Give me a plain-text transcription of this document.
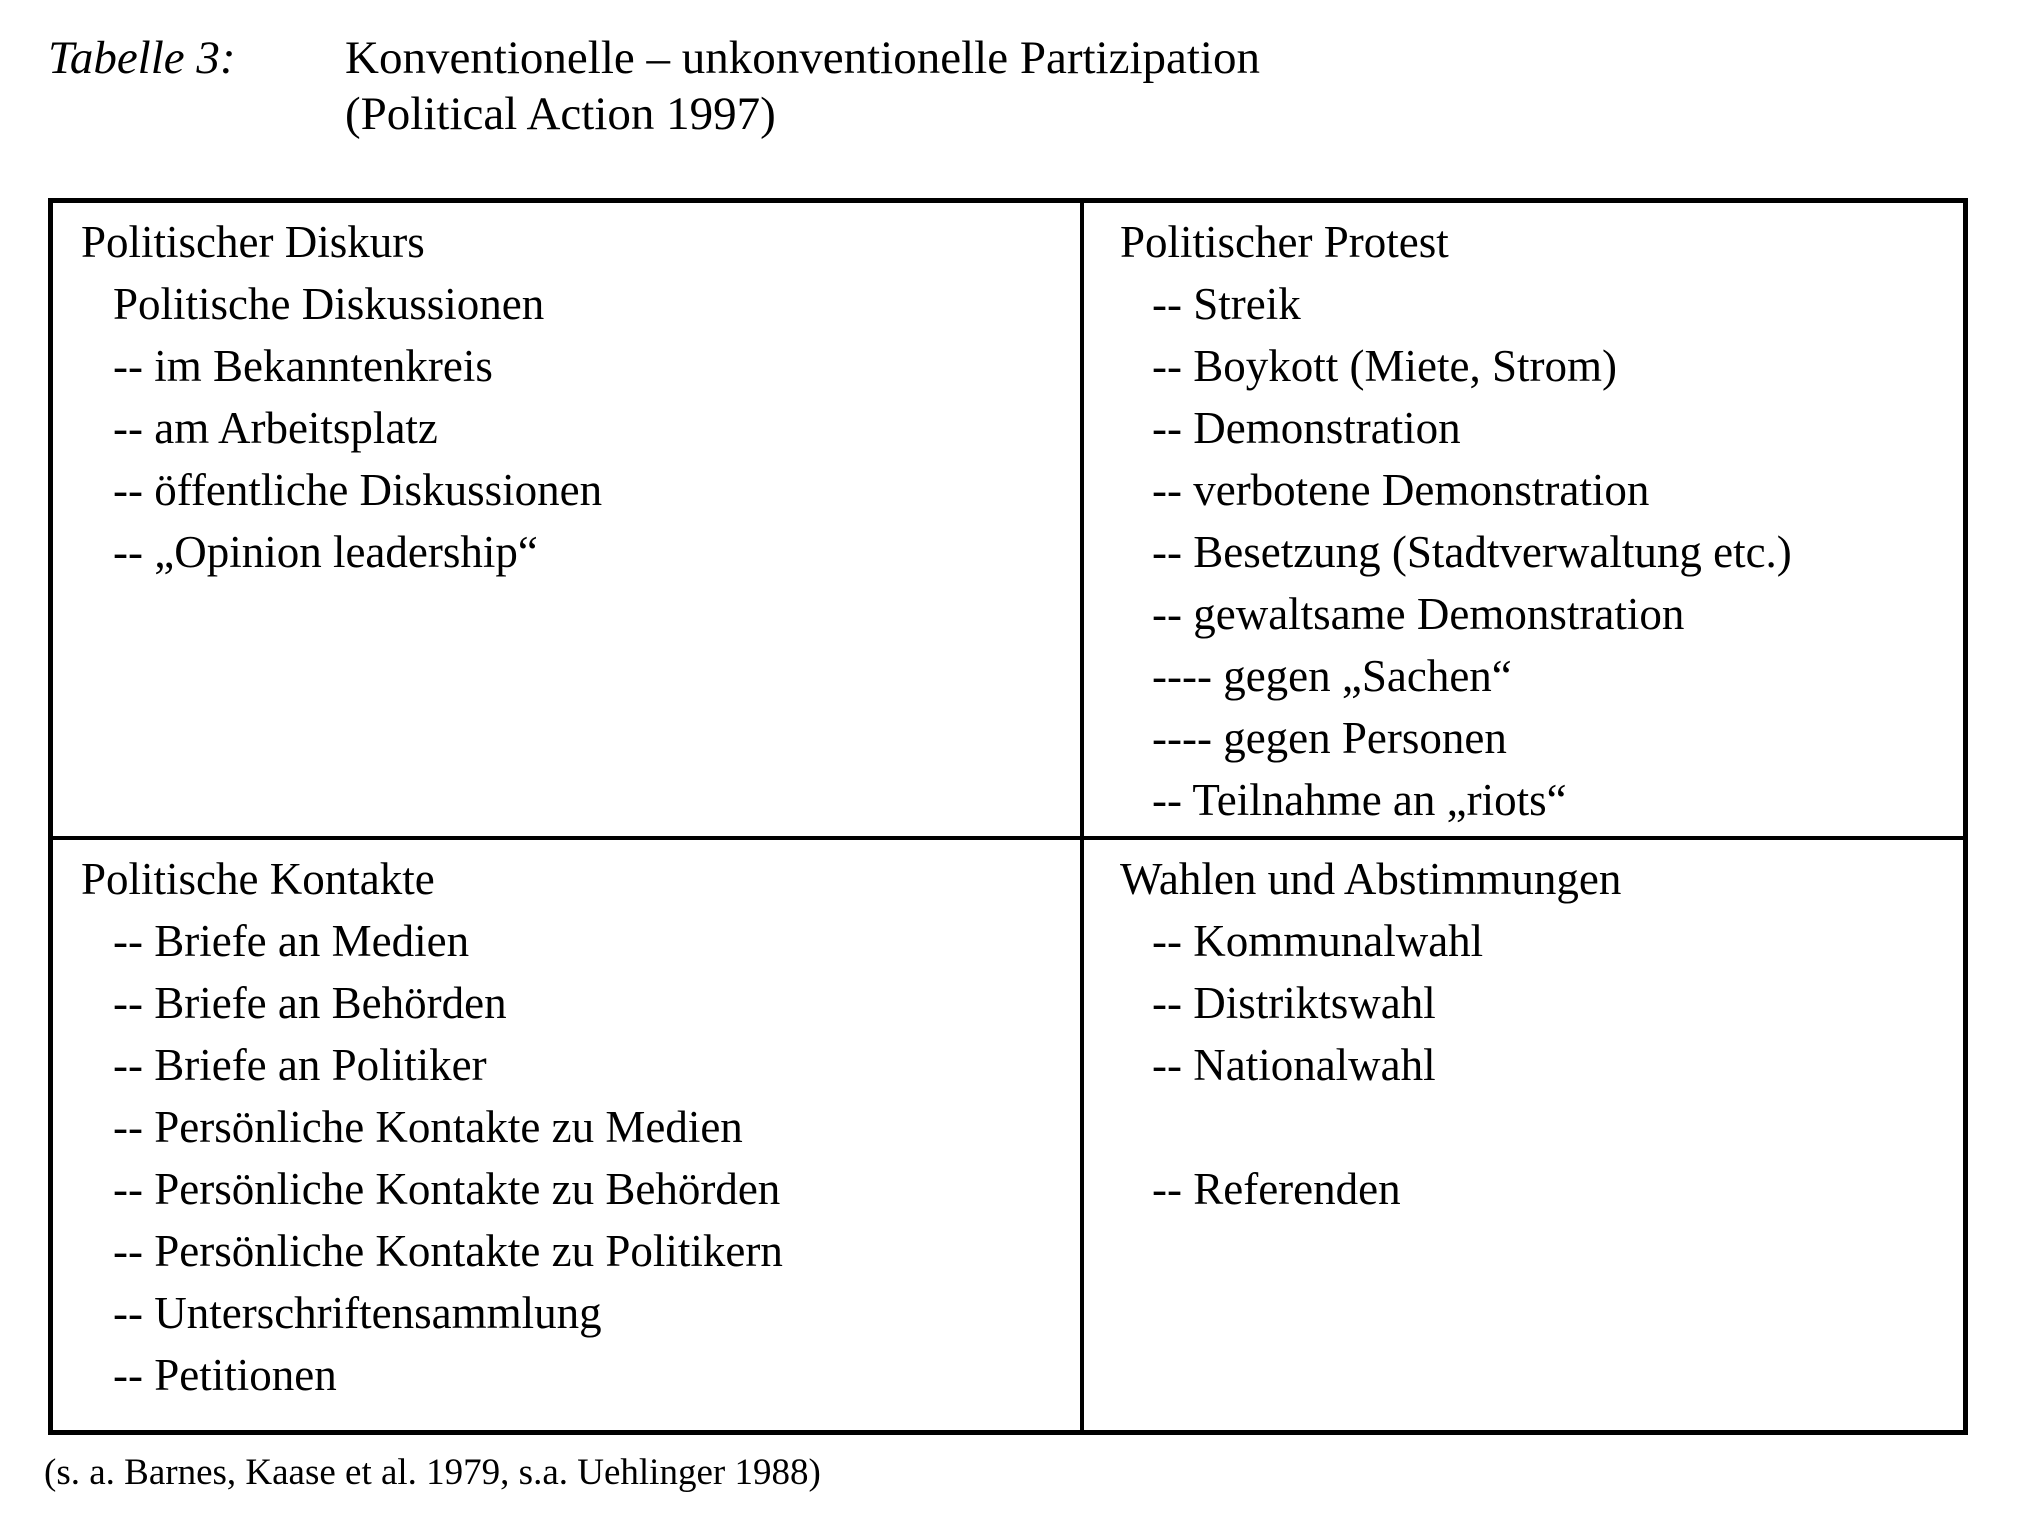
Tabelle 3:	Konventionelle – unkonventionelle Partizipation
(Political Action 1997)
Politischer Diskurs
Politische Diskussionen
-- im Bekanntenkreis
-- am Arbeitsplatz
-- öffentliche Diskussionen
-- „Opinion leadership“
Politischer Protest
-- Streik
-- Boykott (Miete, Strom)
-- Demonstration
-- verbotene Demonstration
-- Besetzung (Stadtverwaltung etc.)
-- gewaltsame Demonstration
---- gegen „Sachen“
---- gegen Personen
-- Teilnahme an „riots“
Politische Kontakte
-- Briefe an Medien
-- Briefe an Behörden
-- Briefe an Politiker
-- Persönliche Kontakte zu Medien
-- Persönliche Kontakte zu Behörden
-- Persönliche Kontakte zu Politikern
-- Unterschriftensammlung
-- Petitionen
Wahlen und Abstimmungen
-- Kommunalwahl
-- Distriktswahl
-- Nationalwahl
-- Referenden
(s. a. Barnes, Kaase et al. 1979, s.a. Uehlinger 1988)
